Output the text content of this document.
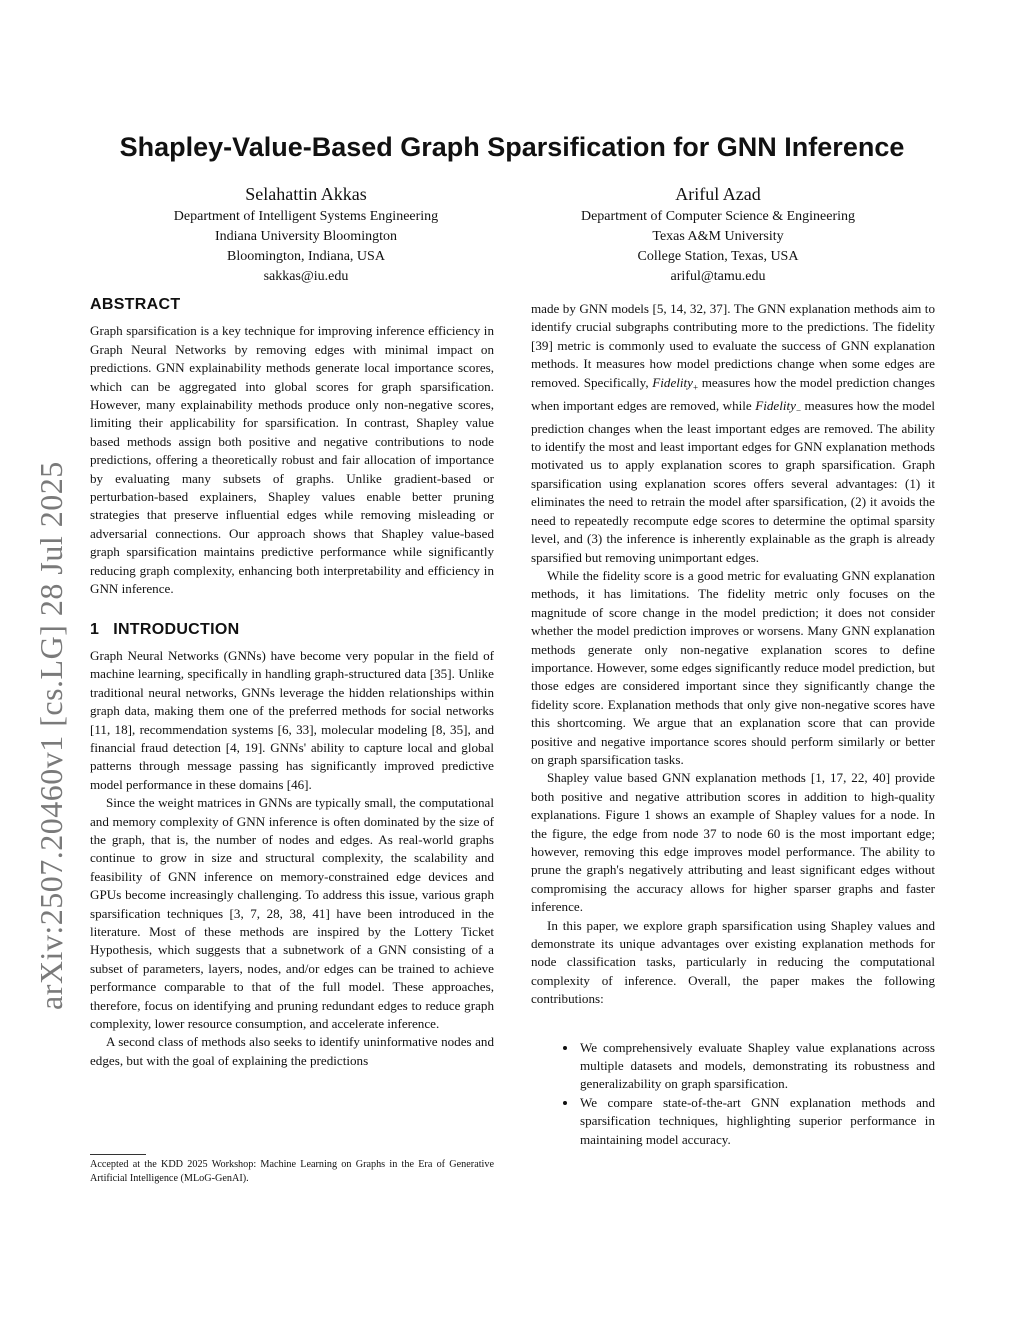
arXiv:2507.20460v1 [cs.LG] 28 Jul 2025
Shapley-Value-Based Graph Sparsification for GNN Inference
Selahattin Akkas
Department of Intelligent Systems Engineering
Indiana University Bloomington
Bloomington, Indiana, USA
sakkas@iu.edu
Ariful Azad
Department of Computer Science & Engineering
Texas A&M University
College Station, Texas, USA
ariful@tamu.edu
ABSTRACT

Graph sparsification is a key technique for improving inference efficiency in Graph Neural Networks by removing edges with minimal impact on predictions. GNN explainability methods generate local importance scores, which can be aggregated into global scores for graph sparsification. However, many explainability methods produce only non-negative scores, limiting their applicability for sparsification. In contrast, Shapley value based methods assign both positive and negative contributions to node predictions, offering a theoretically robust and fair allocation of importance by evaluating many subsets of graphs. Unlike gradient-based or perturbation-based explainers, Shapley values enable better pruning strategies that preserve influential edges while removing misleading or adversarial connections. Our approach shows that Shapley value-based graph sparsification maintains predictive performance while significantly reducing graph complexity, enhancing both interpretability and efficiency in GNN inference.

1 INTRODUCTION

Graph Neural Networks (GNNs) have become very popular in the field of machine learning, specifically in handling graph-structured data [35]. Unlike traditional neural networks, GNNs leverage the hidden relationships within graph data, making them one of the preferred methods for social networks [11, 18], recommendation systems [6, 33], molecular modeling [8, 35], and financial fraud detection [4, 19]. GNNs' ability to capture local and global patterns through message passing has significantly improved predictive model performance in these domains [46].

Since the weight matrices in GNNs are typically small, the computational and memory complexity of GNN inference is often dominated by the size of the graph, that is, the number of nodes and edges. As real-world graphs continue to grow in size and structural complexity, the scalability and feasibility of GNN inference on memory-constrained edge devices and GPUs become increasingly challenging. To address this issue, various graph sparsification techniques [3, 7, 28, 38, 41] have been introduced in the literature. Most of these methods are inspired by the Lottery Ticket Hypothesis, which suggests that a subnetwork of a GNN consisting of a subset of parameters, layers, nodes, and/or edges can be trained to achieve performance comparable to that of the full model. These approaches, therefore, focus on identifying and pruning redundant edges to reduce graph complexity, lower resource consumption, and accelerate inference.

A second class of methods also seeks to identify uninformative nodes and edges, but with the goal of explaining the predictions

made by GNN models [5, 14, 32, 37]. The GNN explanation methods aim to identify crucial subgraphs contributing more to the predictions. The fidelity [39] metric is commonly used to evaluate the success of GNN explanation methods. It measures how model predictions change when some edges are removed. Specifically, Fidelity$_+$ measures how the model prediction changes when important edges are removed, while Fidelity$_-$ measures how the model prediction changes when the least important edges are removed. The ability to identify the most and least important edges for GNN explanation methods motivated us to apply explanation scores to graph sparsification. Graph sparsification using explanation scores offers several advantages: (1) it eliminates the need to retrain the model after sparsification, (2) it avoids the need to repeatedly recompute edge scores to determine the optimal sparsity level, and (3) the inference is inherently explainable as the graph is already sparsified but removing unimportant edges.

While the fidelity score is a good metric for evaluating GNN explanation methods, it has limitations. The fidelity metric only focuses on the magnitude of score change in the model prediction; it does not consider whether the model prediction improves or worsens. Many GNN explanation methods generate only non-negative explanation scores to define importance. However, some edges significantly reduce model prediction, but those edges are considered important since they significantly change the fidelity score. Explanation methods that only give non-negative scores have this shortcoming. We argue that an explanation score that can provide positive and negative importance scores should perform similarly or better on graph sparsification tasks.

Shapley value based GNN explanation methods [1, 17, 22, 40] provide both positive and negative attribution scores in addition to high-quality explanations. Figure 1 shows an example of Shapley values for a node. In the figure, the edge from node 37 to node 60 is the most important edge; however, removing this edge improves model performance. The ability to prune the graph's negatively attributing and least significant edges without compromising the accuracy allows for higher sparser graphs and faster inference.

In this paper, we explore graph sparsification using Shapley values and demonstrate its unique advantages over existing explanation methods for node classification tasks, particularly in reducing the computational complexity of inference. Overall, the paper makes the following contributions:

• We comprehensively evaluate Shapley value explanations across multiple datasets and models, demonstrating its robustness and generalizability on graph sparsification.
• We compare state-of-the-art GNN explanation methods and sparsification techniques, highlighting superior performance in maintaining model accuracy.
Accepted at the KDD 2025 Workshop: Machine Learning on Graphs in the Era of Generative Artificial Intelligence (MLoG-GenAI).
